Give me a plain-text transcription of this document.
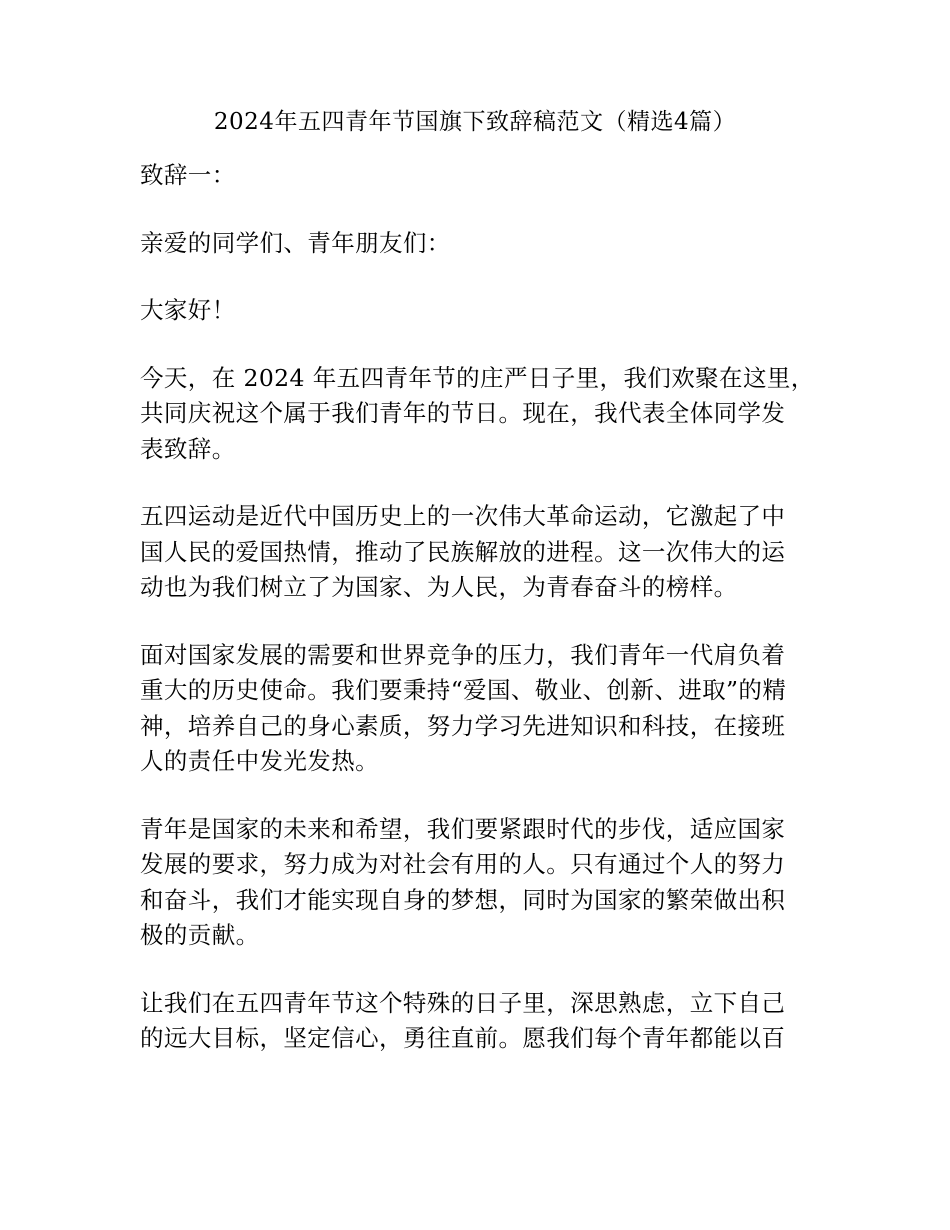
2024年五四青年节国旗下致辞稿范文（精选4篇）

致辞一：

亲爱的同学们、青年朋友们：

大家好！

今天，在 2024 年五四青年节的庄严日子里，我们欢聚在这里，
共同庆祝这个属于我们青年的节日。现在，我代表全体同学发
表致辞。

五四运动是近代中国历史上的一次伟大革命运动，它激起了中
国人民的爱国热情，推动了民族解放的进程。这一次伟大的运
动也为我们树立了为国家、为人民，为青春奋斗的榜样。

面对国家发展的需要和世界竞争的压力，我们青年一代肩负着
重大的历史使命。我们要秉持“爱国、敬业、创新、进取”的精
神，培养自己的身心素质，努力学习先进知识和科技，在接班
人的责任中发光发热。

青年是国家的未来和希望，我们要紧跟时代的步伐，适应国家
发展的要求，努力成为对社会有用的人。只有通过个人的努力
和奋斗，我们才能实现自身的梦想，同时为国家的繁荣做出积
极的贡献。

让我们在五四青年节这个特殊的日子里，深思熟虑，立下自己
的远大目标，坚定信心，勇往直前。愿我们每个青年都能以百
